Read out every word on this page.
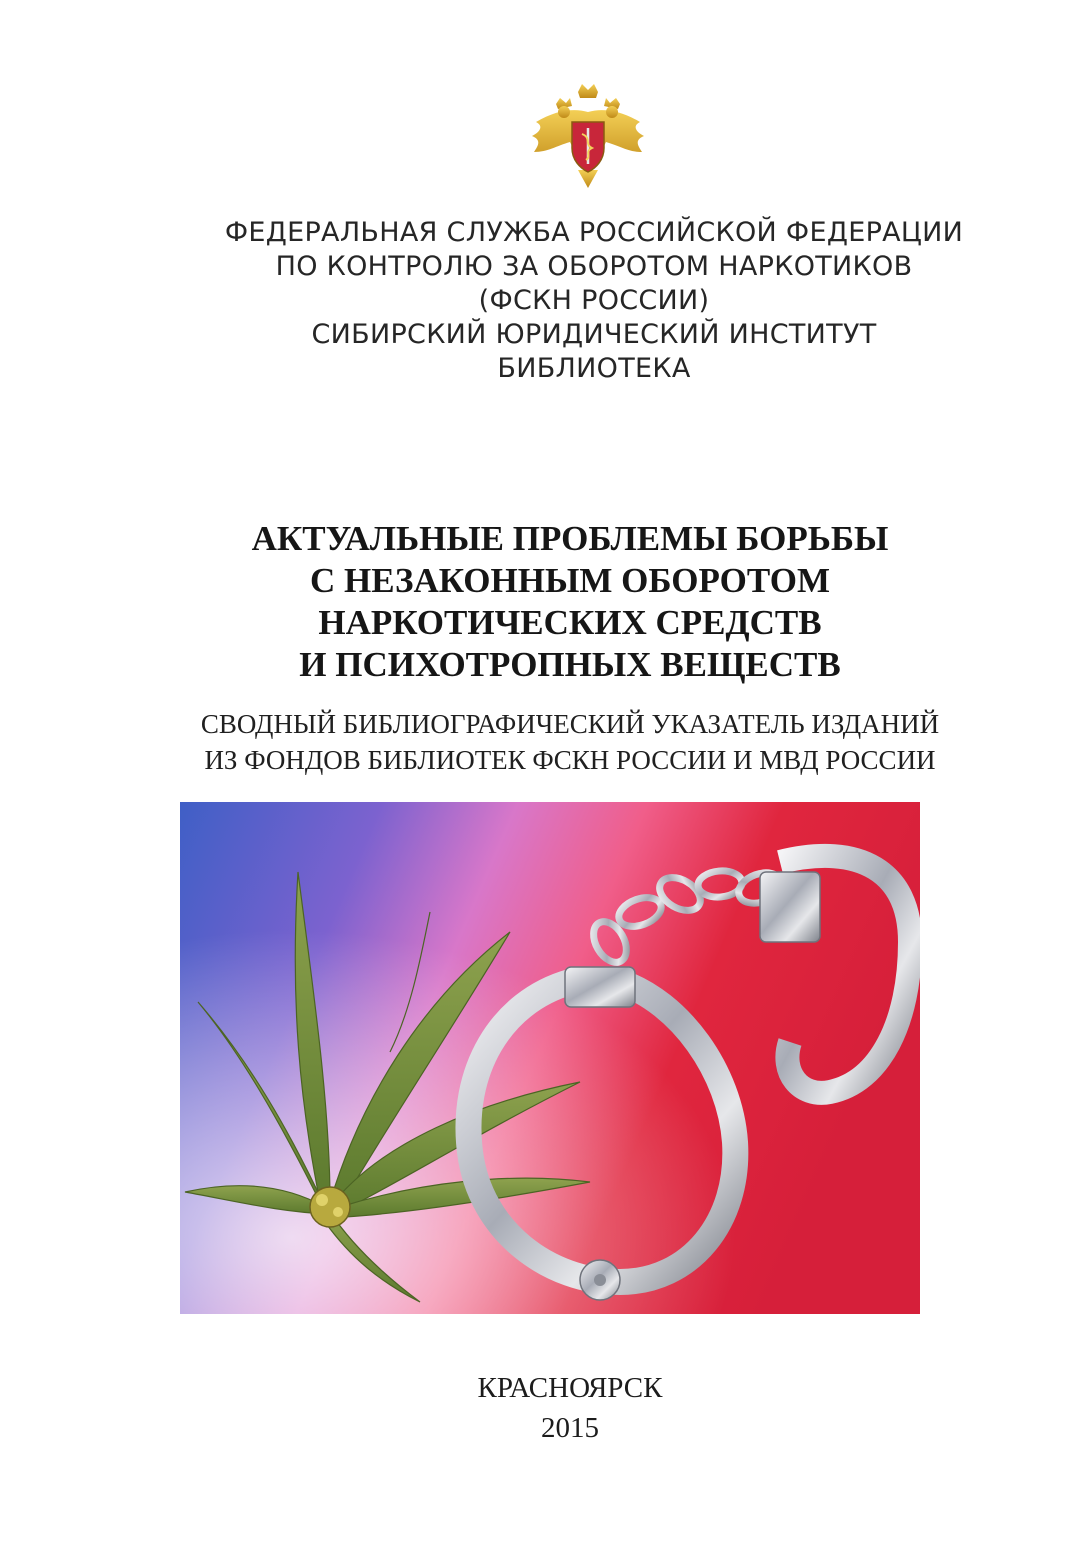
ФЕДЕРАЛЬНАЯ СЛУЖБА РОССИЙСКОЙ ФЕДЕРАЦИИ
ПО КОНТРОЛЮ ЗА ОБОРОТОМ НАРКОТИКОВ
(ФСКН РОССИИ)
СИБИРСКИЙ ЮРИДИЧЕСКИЙ ИНСТИТУТ
БИБЛИОТЕКА
АКТУАЛЬНЫЕ ПРОБЛЕМЫ БОРЬБЫ
С НЕЗАКОННЫМ ОБОРОТОМ
НАРКОТИЧЕСКИХ СРЕДСТВ
И ПСИХОТРОПНЫХ ВЕЩЕСТВ
СВОДНЫЙ БИБЛИОГРАФИЧЕСКИЙ УКАЗАТЕЛЬ ИЗДАНИЙ
ИЗ ФОНДОВ БИБЛИОТЕК ФСКН РОССИИ И МВД РОССИИ
КРАСНОЯРСК
2015
